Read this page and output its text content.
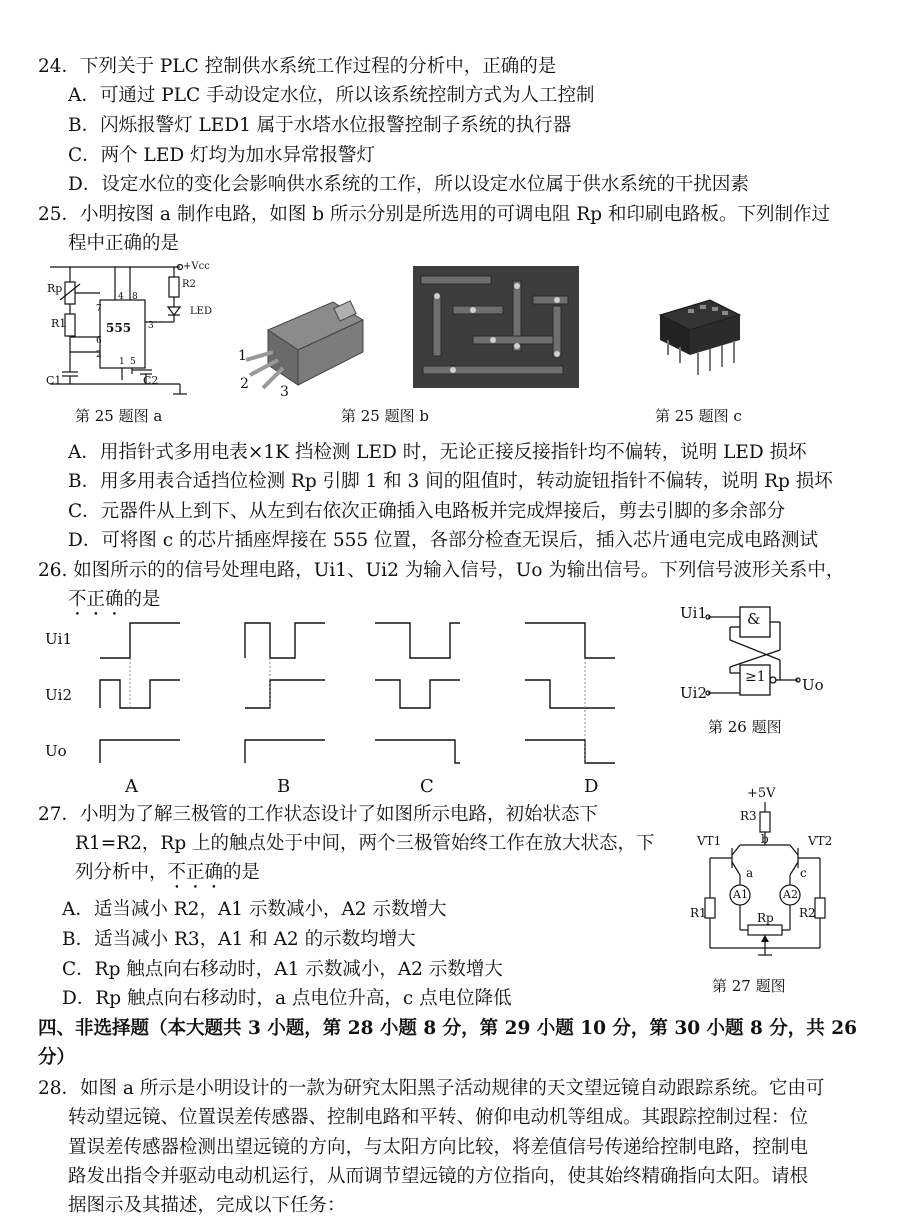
24．下列关于 PLC 控制供水系统工作过程的分析中，正确的是
A．可通过 PLC 手动设定水位，所以该系统控制方式为人工控制
B．闪烁报警灯 LED1 属于水塔水位报警控制子系统的执行器
C．两个 LED 灯均为加水异常报警灯
D．设定水位的变化会影响供水系统的工作，所以设定水位属于供水系统的干扰因素
25．小明按图 a 制作电路，如图 b 所示分别是所选用的可调电阻 Rp 和印刷电路板。下列制作过
程中正确的是
Rp
R1
C1	C2
555
+Vcc
R2
LED
4 8
7
3
6
2
5
1
第 25 题图 a
1
2 3
第 25 题图 b	第 25 题图 c
A．用指针式多用电表×1K 挡检测 LED 时，无论正接反接指针均不偏转，说明 LED 损坏
B．用多用表合适挡位检测 Rp 引脚 1 和 3 间的阻值时，转动旋钮指针不偏转，说明 Rp 损坏
C．元器件从上到下、从左到右依次正确插入电路板并完成焊接后，剪去引脚的多余部分
D．可将图 c 的芯片插座焊接在 555 位置，各部分检查无误后，插入芯片通电完成电路测试
26. 如图所示的的信号处理电路，Ui1、Ui2 为输入信号，Uo 为输出信号。下列信号波形关系中，
不正确的是
Ui1
Ui2
Uo
A	B	C	D
Ui1
Ui2	Uo
&
≥1
第 26 题图
27．小明为了解三极管的工作状态设计了如图所示电路，初始状态下
R1=R2，Rp 上的触点处于中间，两个三极管始终工作在放大状态，下
列分析中，不正确的是
A．适当减小 R2，A1 示数减小，A2 示数增大
B．适当减小 R3，A1 和 A2 的示数均增大
C．Rp 触点向右移动时，A1 示数减小，A2 示数增大
D．Rp 触点向右移动时，a 点电位升高，c 点电位降低
+5V
R3
VT1	VT2
b
a	c
A1	A2
R1	R2
Rp
第 27 题图
四、非选择题（本大题共 3 小题，第 28 小题 8 分，第 29 小题 10 分，第 30 小题 8 分，共 26
分）
28．如图 a 所示是小明设计的一款为研究太阳黑子活动规律的天文望远镜自动跟踪系统。它由可
转动望远镜、位置误差传感器、控制电路和平转、俯仰电动机等组成。其跟踪控制过程：位
置误差传感器检测出望远镜的方向，与太阳方向比较，将差值信号传递给控制电路，控制电
路发出指令并驱动电动机运行，从而调节望远镜的方位指向，使其始终精确指向太阳。请根
据图示及其描述，完成以下任务：
